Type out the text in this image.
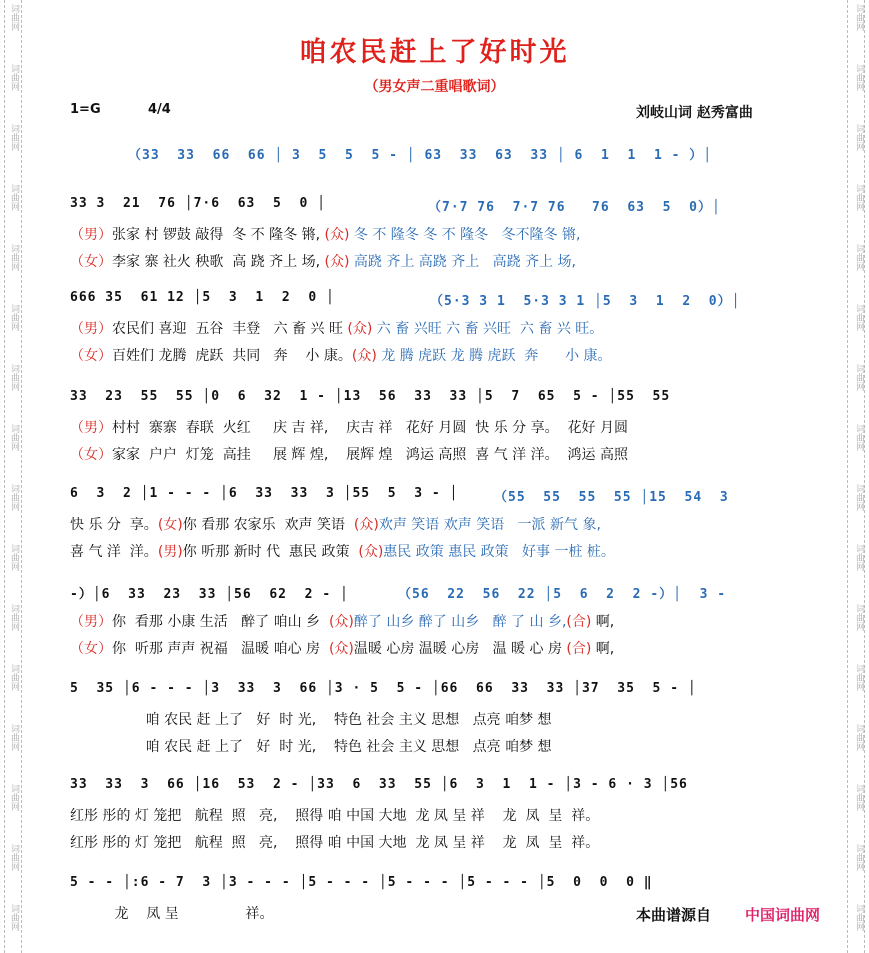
咱农民赶上了好时光
（男女声二重唱歌词）
1=G	4/4	刘岐山词 赵秀富曲
（33  33  66  66 │ 3  5  5  5 - │ 63  33  63  33 │ 6  1  1  1 - ）│
33 3  21  76 │7·6  63  5  0 │	（7·7 76  7·7 76   76  63  5  0）│
（男）张家 村 锣鼓 敲得  冬 不 隆冬 锵, (众) 冬 不 隆冬 冬 不 隆冬   冬不隆冬 锵,
（女）李家 寨 社火 秧歌  高 跷 齐上 场, (众) 高跷 齐上 高跷 齐上   高跷 齐上 场,
666 35  61 12 │5  3  1  2  0 │	（5·3 3 1  5·3 3 1 │5  3  1  2  0）│
（男）农民们 喜迎  五谷  丰登   六 畜 兴 旺 (众) 六 畜 兴旺 六 畜 兴旺  六 畜 兴 旺。
（女）百姓们 龙腾  虎跃  共同   奔    小 康。(众) 龙 腾 虎跃 龙 腾 虎跃  奔      小 康。
33  23  55  55 │0  6  32  1 - │13  56  33  33 │5  7  65  5 - │55  55
（男）村村  寨寨  春联  火红     庆 吉 祥,    庆吉 祥   花好 月圆  快 乐 分 享。  花好 月圆
（女）家家  户户  灯笼  高挂     展 辉 煌,    展辉 煌   鸿运 高照  喜 气 洋 洋。  鸿运 高照
6  3  2 │1 - - - │6  33  33  3 │55  5  3 - │	（55  55  55  55 │15  54  3
快 乐 分  享。(女)你 看那 农家乐  欢声 笑语  (众)欢声 笑语 欢声 笑语   一派 新气 象,
喜 气 洋  洋。(男)你 听那 新时 代  惠民 政策  (众)惠民 政策 惠民 政策   好事 一桩 桩。
-）│6  33  23  33 │56  62  2 - │	（56  22  56  22 │5  6  2  2 -）│  3 -
（男）你  看那 小康 生活   醉了 咱山 乡  (众)醉了 山乡 醉了 山乡   醉 了 山 乡,(合) 啊,
（女）你  听那 声声 祝福   温暖 咱心 房  (众)温暖 心房 温暖 心房   温 暖 心 房 (合) 啊,
5  35 │6 - - - │3  33  3  66 │3 · 5  5 - │66  66  33  33 │37  35  5 - │
咱 农民 赶 上了   好  时 光,    特色 社会 主义 思想   点亮 咱梦 想
咱 农民 赶 上了   好  时 光,    特色 社会 主义 思想   点亮 咱梦 想
33  33  3  66 │16  53  2 - │33  6  33  55 │6  3  1  1 - │3 - 6 · 3 │56
红彤 彤的 灯 笼把   航程  照   亮,    照得 咱 中国 大地  龙 凤 呈 祥    龙  凤  呈  祥。
红彤 彤的 灯 笼把   航程  照   亮,    照得 咱 中国 大地  龙 凤 呈 祥    龙  凤  呈  祥。
5 - - │:6 - 7  3 │3 - - - │5 - - - │5 - - - │5 - - - │5  0  0  0 ‖
龙    凤 呈               祥。	本曲谱源自 中国词曲网
词曲网
词曲网
词曲网
词曲网
词曲网
词曲网
词曲网
词曲网
词曲网
词曲网
词曲网
词曲网
词曲网
词曲网
词曲网
词曲网
词曲网
词曲网
词曲网
词曲网
词曲网
词曲网
词曲网
词曲网
词曲网
词曲网
词曲网
词曲网
词曲网
词曲网
词曲网
词曲网
